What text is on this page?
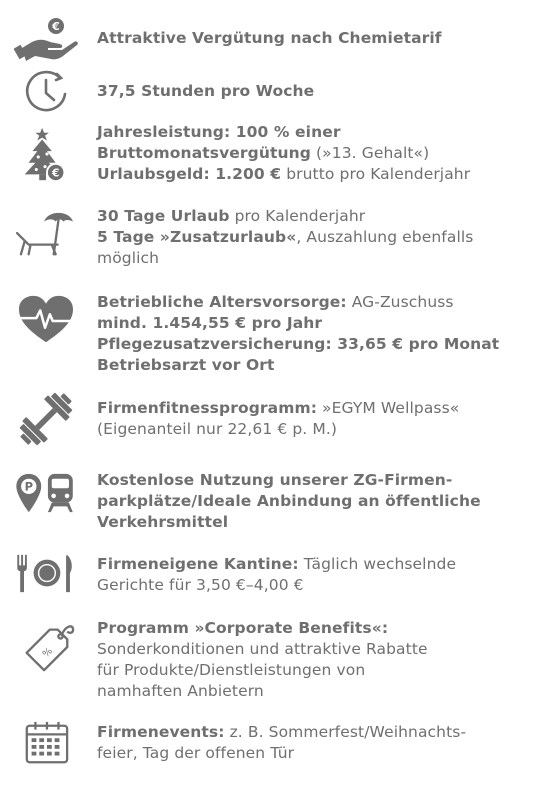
€
Attraktive Vergütung nach Chemietarif
37,5 Stunden pro Woche
€
Jahresleistung: 100 % einer
Bruttomonatsvergütung (»13. Gehalt«)
Urlaubsgeld: 1.200 € brutto pro Kalenderjahr
30 Tage Urlaub pro Kalenderjahr
5 Tage »Zusatzurlaub«, Auszahlung ebenfalls
möglich
Betriebliche Altersvorsorge: AG-Zuschuss
mind. 1.454,55 € pro Jahr
Pflegezusatzversicherung: 33,65 € pro Monat
Betriebsarzt vor Ort
Firmenfitnessprogramm: »EGYM Wellpass«
(Eigenanteil nur 22,61 € p. M.)
P	Kostenlose Nutzung unserer ZG-Firmen-
parkplätze/Ideale Anbindung an öffentliche
Verkehrsmittel
Firmeneigene Kantine: Täglich wechselnde
Gerichte für 3,50 €–4,00 €
%
Programm »Corporate Benefits«:
Sonderkonditionen und attraktive Rabatte
für Produkte/Dienstleistungen von
namhaften Anbietern
Firmenevents: z. B. Sommerfest/Weihnachts-
feier, Tag der offenen Tür
